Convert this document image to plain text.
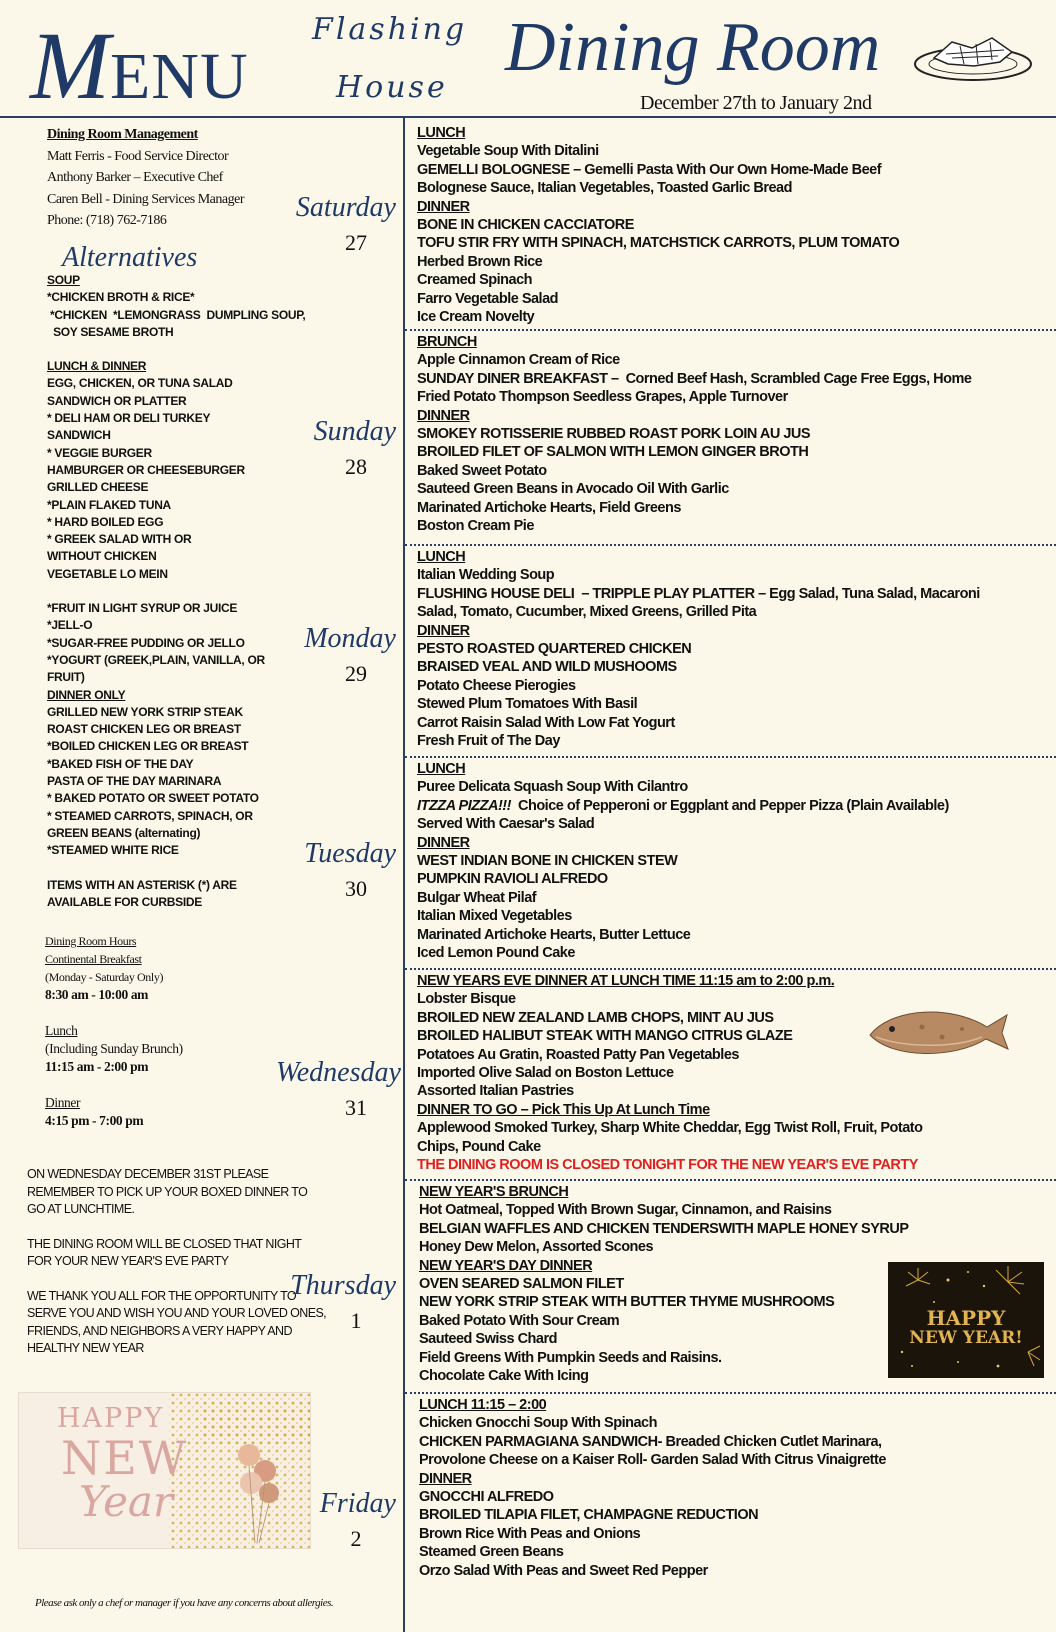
MENU
Flashing
House
Dining Room
December 27th to January 2nd
Dining Room Management
Matt Ferris - Food Service Director
Anthony Barker – Executive Chef
Caren Bell - Dining Services Manager
Phone: (718) 762-7186
Alternatives
SOUP
*CHICKEN BROTH & RICE*
*CHICKEN  *LEMONGRASS  DUMPLING SOUP,
SOY SESAME BROTH
LUNCH & DINNER
EGG, CHICKEN, OR TUNA SALAD
SANDWICH OR PLATTER
* DELI HAM OR DELI TURKEY
SANDWICH
* VEGGIE BURGER
HAMBURGER OR CHEESEBURGER
GRILLED CHEESE
*PLAIN FLAKED TUNA
* HARD BOILED EGG
* GREEK SALAD WITH OR
WITHOUT CHICKEN
VEGETABLE LO MEIN
*FRUIT IN LIGHT SYRUP OR JUICE
*JELL-O
*SUGAR-FREE PUDDING OR JELLO
*YOGURT (GREEK,PLAIN, VANILLA, OR
FRUIT)
DINNER ONLY
GRILLED NEW YORK STRIP STEAK
ROAST CHICKEN LEG OR BREAST
*BOILED CHICKEN LEG OR BREAST
*BAKED FISH OF THE DAY
PASTA OF THE DAY MARINARA
* BAKED POTATO OR SWEET POTATO
* STEAMED CARROTS, SPINACH, OR
GREEN BEANS (alternating)
*STEAMED WHITE RICE
ITEMS WITH AN ASTERISK (*) ARE
AVAILABLE FOR CURBSIDE
Dining Room Hours
Continental Breakfast
(Monday - Saturday Only)
8:30 am - 10:00 am
Lunch
(Including Sunday Brunch)
11:15 am - 2:00 pm
Dinner
4:15 pm - 7:00 pm

ON WEDNESDAY DECEMBER 31ST PLEASE REMEMBER TO PICK UP YOUR BOXED DINNER TO GO AT LUNCHTIME.

THE DINING ROOM WILL BE CLOSED THAT NIGHT FOR YOUR NEW YEAR'S EVE PARTY

WE THANK YOU ALL FOR THE OPPORTUNITY TO SERVE YOU AND WISH YOU AND YOUR LOVED ONES, FRIENDS, AND NEIGHBORS A VERY HAPPY AND HEALTHY NEW YEAR

HAPPY
NEW
Year
Please ask only a chef or manager if you have any concerns about allergies.
Saturday
27
Sunday
28
Monday
29
Tuesday
30
Wednesday
31
Thursday
1
Friday
2
LUNCH
Vegetable Soup With Ditalini
GEMELLI BOLOGNESE – Gemelli Pasta With Our Own Home-Made Beef
Bolognese Sauce, Italian Vegetables, Toasted Garlic Bread
DINNER
BONE IN CHICKEN CACCIATORE
TOFU STIR FRY WITH SPINACH, MATCHSTICK CARROTS, PLUM TOMATO
Herbed Brown Rice
Creamed Spinach
Farro Vegetable Salad
Ice Cream Novelty
BRUNCH
Apple Cinnamon Cream of Rice
SUNDAY DINER BREAKFAST –  Corned Beef Hash, Scrambled Cage Free Eggs, Home
Fried Potato Thompson Seedless Grapes, Apple Turnover
DINNER
SMOKEY ROTISSERIE RUBBED ROAST PORK LOIN AU JUS
BROILED FILET OF SALMON WITH LEMON GINGER BROTH
Baked Sweet Potato
Sauteed Green Beans in Avocado Oil With Garlic
Marinated Artichoke Hearts, Field Greens
Boston Cream Pie
LUNCH
Italian Wedding Soup
FLUSHING HOUSE DELI  – TRIPPLE PLAY PLATTER – Egg Salad, Tuna Salad, Macaroni
Salad, Tomato, Cucumber, Mixed Greens, Grilled Pita
DINNER
PESTO ROASTED QUARTERED CHICKEN
BRAISED VEAL AND WILD MUSHOOMS
Potato Cheese Pierogies
Stewed Plum Tomatoes With Basil
Carrot Raisin Salad With Low Fat Yogurt
Fresh Fruit of The Day
LUNCH
Puree Delicata Squash Soup With Cilantro
ITZZA PIZZA!!!  Choice of Pepperoni or Eggplant and Pepper Pizza (Plain Available)
Served With Caesar's Salad
DINNER
WEST INDIAN BONE IN CHICKEN STEW
PUMPKIN RAVIOLI ALFREDO
Bulgar Wheat Pilaf
Italian Mixed Vegetables
Marinated Artichoke Hearts, Butter Lettuce
Iced Lemon Pound Cake
NEW YEARS EVE DINNER AT LUNCH TIME 11:15 am to 2:00 p.m.
Lobster Bisque
BROILED NEW ZEALAND LAMB CHOPS, MINT AU JUS
BROILED HALIBUT STEAK WITH MANGO CITRUS GLAZE
Potatoes Au Gratin, Roasted Patty Pan Vegetables
Imported Olive Salad on Boston Lettuce
Assorted Italian Pastries
DINNER TO GO – Pick This Up At Lunch Time
Applewood Smoked Turkey, Sharp White Cheddar, Egg Twist Roll, Fruit, Potato
Chips, Pound Cake
THE DINING ROOM IS CLOSED TONIGHT FOR THE NEW YEAR'S EVE PARTY
NEW YEAR'S BRUNCH
Hot Oatmeal, Topped With Brown Sugar, Cinnamon, and Raisins
BELGIAN WAFFLES AND CHICKEN TENDERSWITH MAPLE HONEY SYRUP
Honey Dew Melon, Assorted Scones
NEW YEAR'S DAY DINNER
OVEN SEARED SALMON FILET
NEW YORK STRIP STEAK WITH BUTTER THYME MUSHROOMS
Baked Potato With Sour Cream
Sauteed Swiss Chard
Field Greens With Pumpkin Seeds and Raisins.
Chocolate Cake With Icing
HAPPY
NEW YEAR!
LUNCH 11:15 – 2:00
Chicken Gnocchi Soup With Spinach
CHICKEN PARMAGIANA SANDWICH- Breaded Chicken Cutlet Marinara,
Provolone Cheese on a Kaiser Roll- Garden Salad With Citrus Vinaigrette
DINNER
GNOCCHI ALFREDO
BROILED TILAPIA FILET, CHAMPAGNE REDUCTION
Brown Rice With Peas and Onions
Steamed Green Beans
Orzo Salad With Peas and Sweet Red Pepper
